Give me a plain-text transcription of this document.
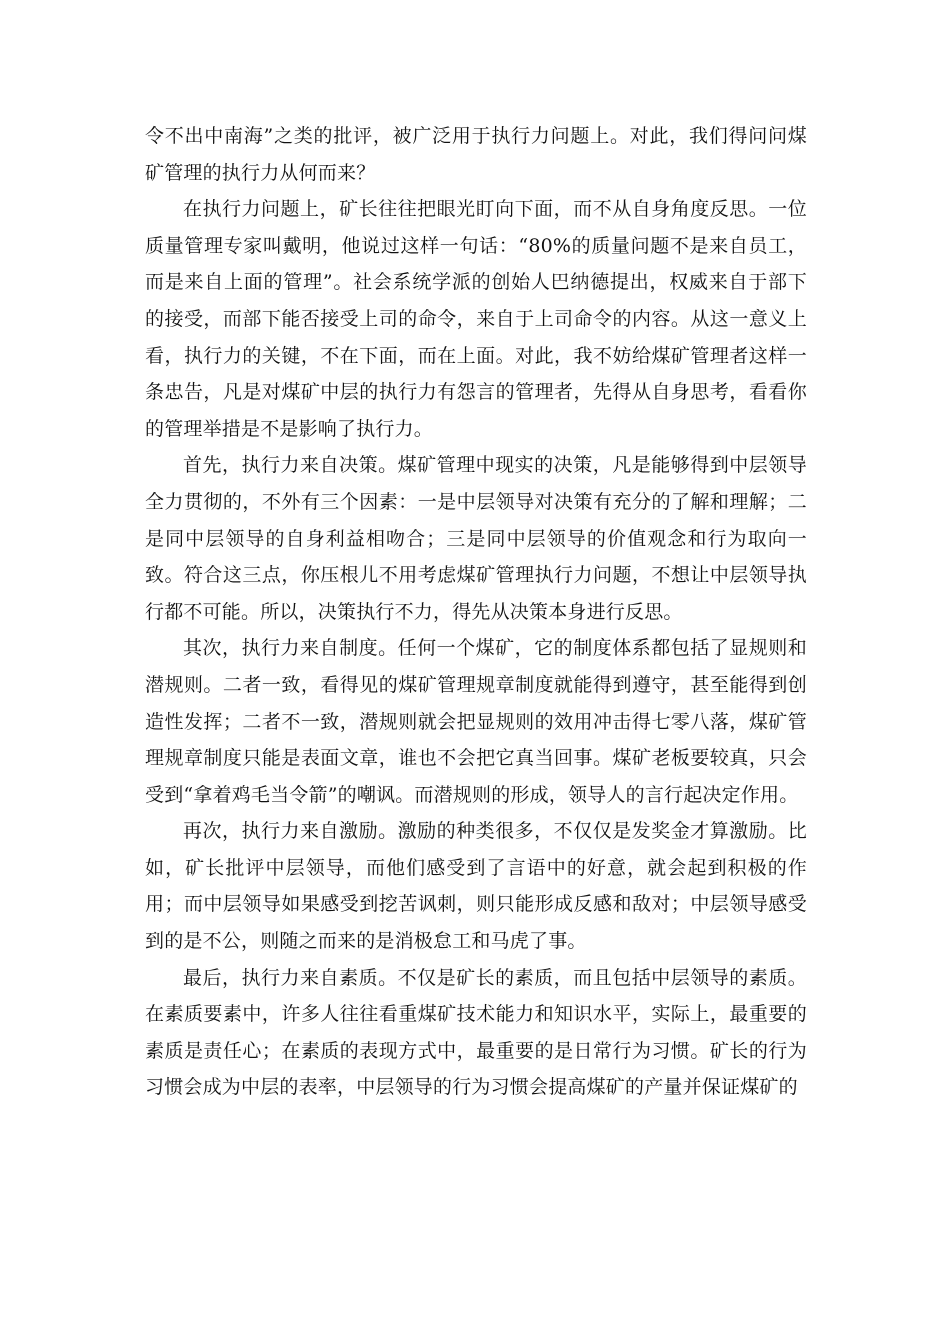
令不出中南海”之类的批评，被广泛用于执行力问题上。对此，我们得问问煤矿管理的执行力从何而来？

在执行力问题上，矿长往往把眼光盯向下面，而不从自身角度反思。一位质量管理专家叫戴明，他说过这样一句话：“80%的质量问题不是来自员工，而是来自上面的管理”。社会系统学派的创始人巴纳德提出，权威来自于部下的接受，而部下能否接受上司的命令，来自于上司命令的内容。从这一意义上看，执行力的关键，不在下面，而在上面。对此，我不妨给煤矿管理者这样一条忠告，凡是对煤矿中层的执行力有怨言的管理者，先得从自身思考，看看你的管理举措是不是影响了执行力。

首先，执行力来自决策。煤矿管理中现实的决策，凡是能够得到中层领导全力贯彻的，不外有三个因素：一是中层领导对决策有充分的了解和理解；二是同中层领导的自身利益相吻合；三是同中层领导的价值观念和行为取向一致。符合这三点，你压根儿不用考虑煤矿管理执行力问题，不想让中层领导执行都不可能。所以，决策执行不力，得先从决策本身进行反思。

其次，执行力来自制度。任何一个煤矿，它的制度体系都包括了显规则和潜规则。二者一致，看得见的煤矿管理规章制度就能得到遵守，甚至能得到创造性发挥；二者不一致，潜规则就会把显规则的效用冲击得七零八落，煤矿管理规章制度只能是表面文章，谁也不会把它真当回事。煤矿老板要较真，只会受到“拿着鸡毛当令箭”的嘲讽。而潜规则的形成，领导人的言行起决定作用。

再次，执行力来自激励。激励的种类很多，不仅仅是发奖金才算激励。比如，矿长批评中层领导，而他们感受到了言语中的好意，就会起到积极的作用；而中层领导如果感受到挖苦讽刺，则只能形成反感和敌对；中层领导感受到的是不公，则随之而来的是消极怠工和马虎了事。

最后，执行力来自素质。不仅是矿长的素质，而且包括中层领导的素质。在素质要素中，许多人往往看重煤矿技术能力和知识水平，实际上，最重要的素质是责任心；在素质的表现方式中，最重要的是日常行为习惯。矿长的行为习惯会成为中层的表率，中层领导的行为习惯会提高煤矿的产量并保证煤矿的
